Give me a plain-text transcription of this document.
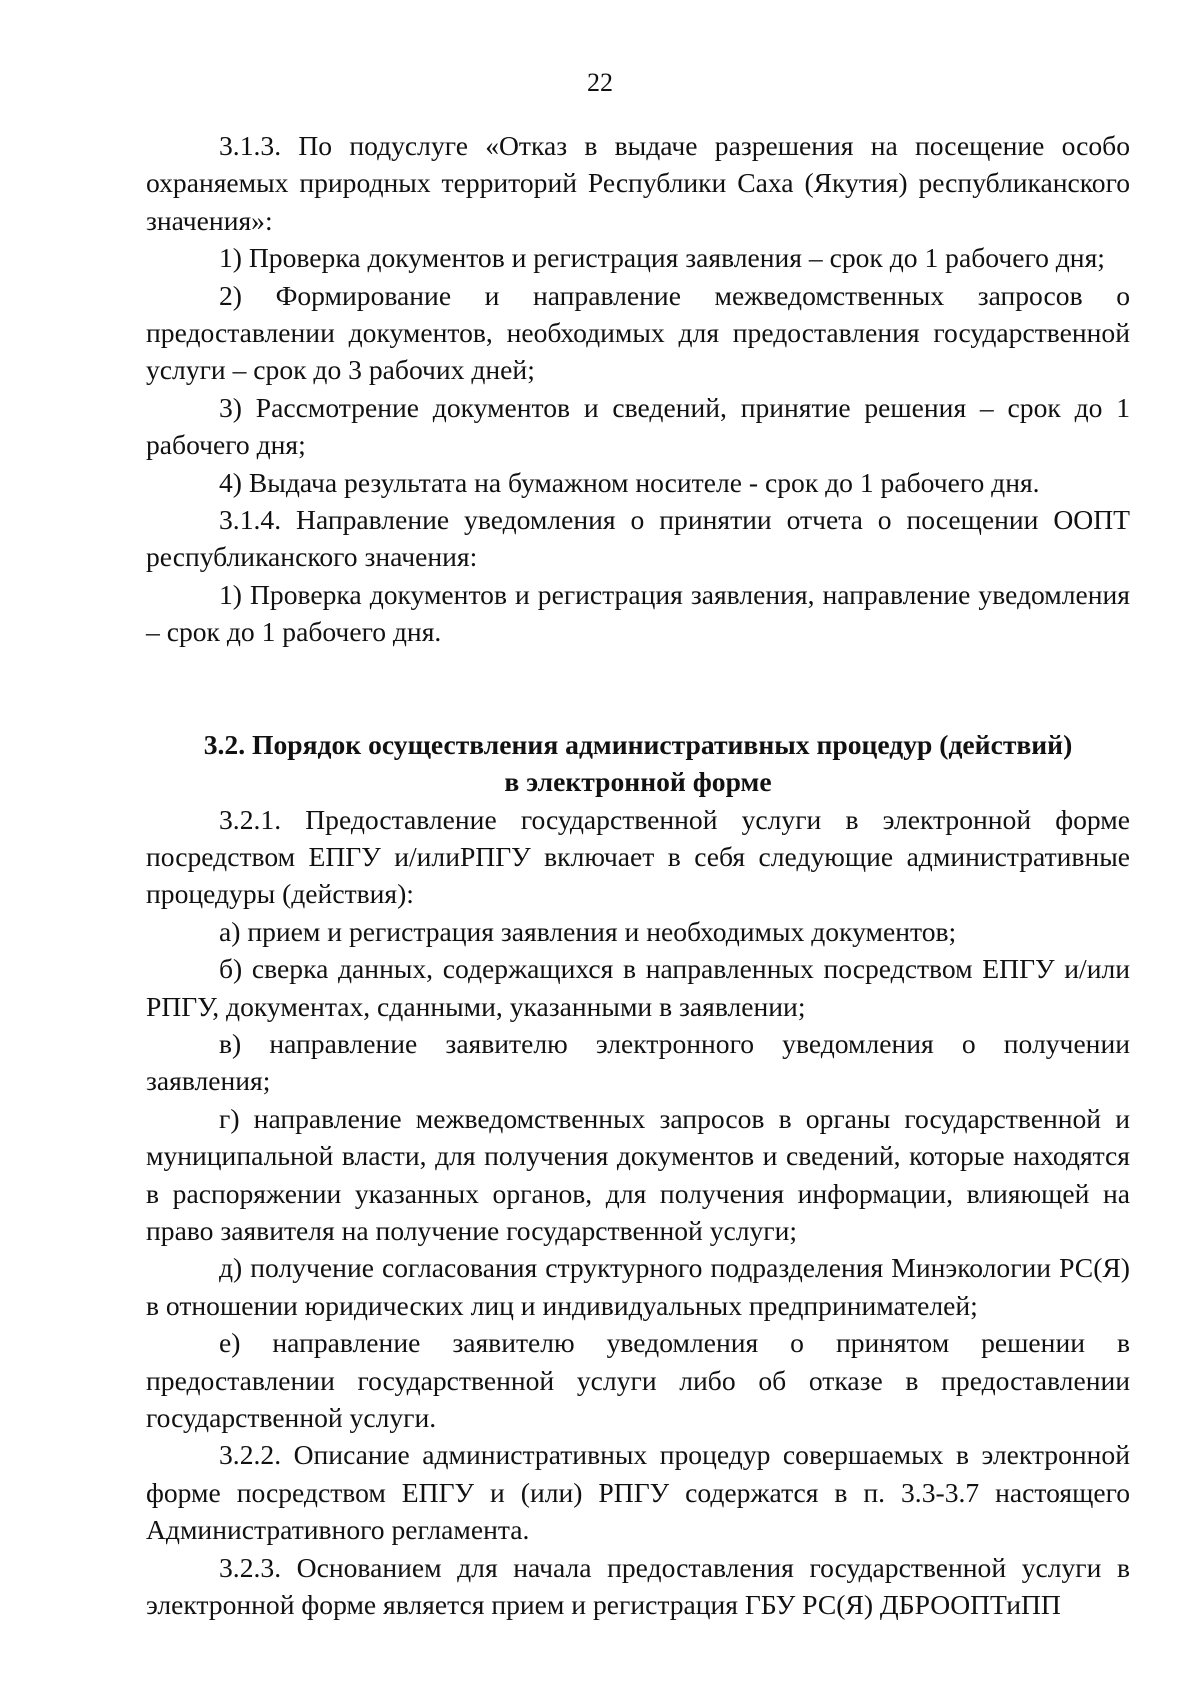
22

3.1.3. По подуслуге «Отказ в выдаче разрешения на посещение особо охраняемых природных территорий Республики Саха (Якутия) республиканского значения»:

1) Проверка документов и регистрация заявления – срок до 1 рабочего дня;

2) Формирование и направление межведомственных запросов о предоставлении документов, необходимых для предоставления государственной услуги – срок до 3 рабочих дней;

3) Рассмотрение документов и сведений, принятие решения – срок до 1 рабочего дня;

4) Выдача результата на бумажном носителе - срок до 1 рабочего дня.

3.1.4. Направление уведомления о принятии отчета о посещении ООПТ республиканского значения:

1) Проверка документов и регистрация заявления, направление уведомления – срок до 1 рабочего дня.

3.2. Порядок осуществления административных процедур (действий)
в электронной форме

3.2.1. Предоставление государственной услуги в электронной форме посредством ЕПГУ и/илиРПГУ включает в себя следующие административные процедуры (действия):

а) прием и регистрация заявления и необходимых документов;

б) сверка данных, содержащихся в направленных посредством ЕПГУ и/или РПГУ, документах, сданными, указанными в заявлении;

в) направление заявителю электронного уведомления о получении заявления;

г) направление межведомственных запросов в органы государственной и муниципальной власти, для получения документов и сведений, которые находятся в распоряжении указанных органов, для получения информации, влияющей на право заявителя на получение государственной услуги;

д) получение согласования структурного подразделения Минэкологии РС(Я) в отношении юридических лиц и индивидуальных предпринимателей;

е) направление заявителю уведомления о принятом решении в предоставлении государственной услуги либо об отказе в предоставлении государственной услуги.

3.2.2. Описание административных процедур совершаемых в электронной форме посредством ЕПГУ и (или) РПГУ содержатся в п. 3.3-3.7 настоящего Административного регламента.

3.2.3. Основанием для начала предоставления государственной услуги в электронной форме является прием и регистрация ГБУ РС(Я) ДБРООПТиПП
